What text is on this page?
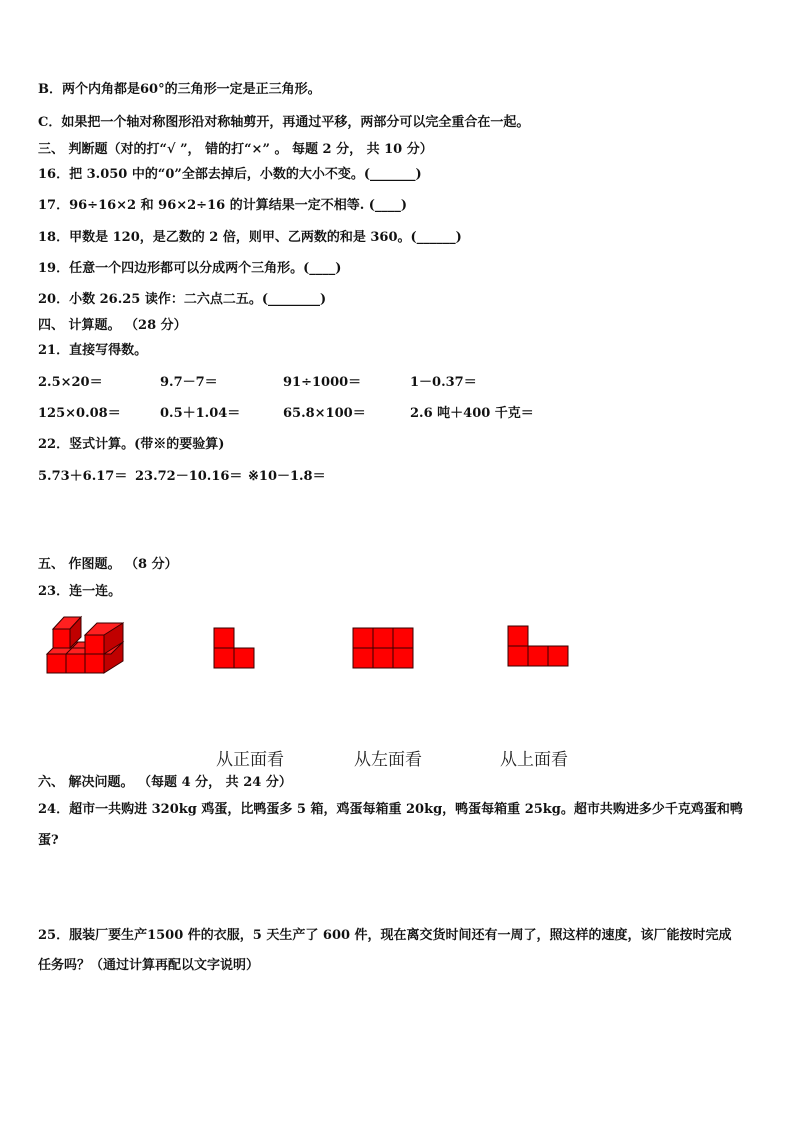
B．两个内角都是60°的三角形一定是正三角形。
C．如果把一个轴对称图形沿对称轴剪开，再通过平移，两部分可以完全重合在一起。
三、 判断题（对的打“√ ”， 错的打“×” 。 每题 2 分， 共 10 分）
16．把 3.050 中的“0”全部去掉后，小数的大小不变。(_______)
17．96÷16×2 和 96×2÷16 的计算结果一定不相等. (____)
18．甲数是 120，是乙数的 2 倍，则甲、乙两数的和是 360。(______)
19．任意一个四边形都可以分成两个三角形。(____)
20．小数 26.25 读作：二六点二五。(________)
四、 计算题。 （28 分）
21．直接写得数。
2.5×20＝	9.7－7＝	91÷1000＝	1－0.37＝
125×0.08＝	0.5＋1.04＝	65.8×100＝	2.6 吨＋400 千克＝
22．竖式计算。(带※的要验算)
5.73＋6.17＝ 23.72－10.16＝ ※10－1.8＝
五、 作图题。 （8 分）
23．连一连。
从正面看	从左面看	从上面看
六、 解决问题。 （每题 4 分， 共 24 分）
24．超市一共购进 320kg 鸡蛋，比鸭蛋多 5 箱，鸡蛋每箱重 20kg，鸭蛋每箱重 25kg。超市共购进多少千克鸡蛋和鸭
蛋?
25．服装厂要生产1500 件的衣服，5 天生产了 600 件，现在离交货时间还有一周了，照这样的速度，该厂能按时完成
任务吗？（通过计算再配以文字说明）
